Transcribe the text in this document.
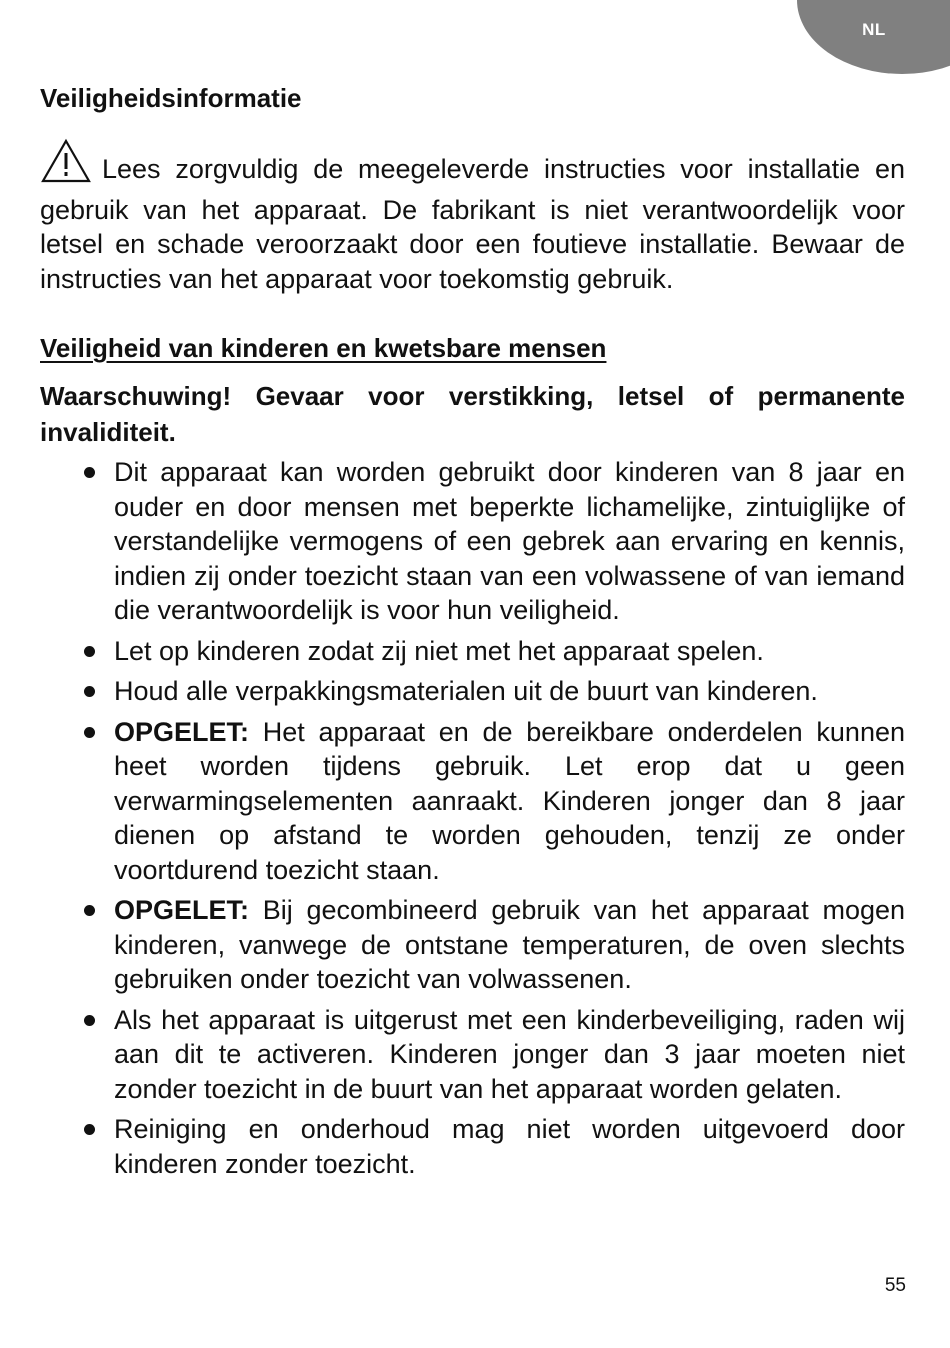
NL
Veiligheidsinformatie

Lees zorgvuldig de meegeleverde instructies voor installatie en gebruik van het apparaat. De fabrikant is niet verantwoordelijk voor letsel en schade veroorzaakt door een foutieve installatie. Bewaar de instructies van het apparaat voor toekomstig gebruik.

Veiligheid van kinderen en kwetsbare mensen

Waarschuwing! Gevaar voor verstikking, letsel of permanente invaliditeit.

Dit apparaat kan worden gebruikt door kinderen van 8 jaar en ouder en door mensen met beperkte lichamelijke, zintuiglijke of verstandelijke vermogens of een gebrek aan ervaring en kennis, indien zij onder toezicht staan van een volwassene of van iemand die verantwoordelijk is voor hun veiligheid.
Let op kinderen zodat zij niet met het apparaat spelen.
Houd alle verpakkingsmaterialen uit de buurt van kinderen.
OPGELET: Het apparaat en de bereikbare onderdelen kunnen heet worden tijdens gebruik. Let erop dat u geen verwarmingselementen aanraakt. Kinderen jonger dan 8 jaar dienen op afstand te worden gehouden, tenzij ze onder voortdurend toezicht staan.
OPGELET: Bij gecombineerd gebruik van het apparaat mogen kinderen, vanwege de ontstane temperaturen, de oven slechts gebruiken onder toezicht van volwassenen.
Als het apparaat is uitgerust met een kinderbeveiliging, raden wij aan dit te activeren. Kinderen jonger dan 3 jaar moeten niet zonder toezicht in de buurt van het apparaat worden gelaten.
Reiniging en onderhoud mag niet worden uitgevoerd door kinderen zonder toezicht.
55
